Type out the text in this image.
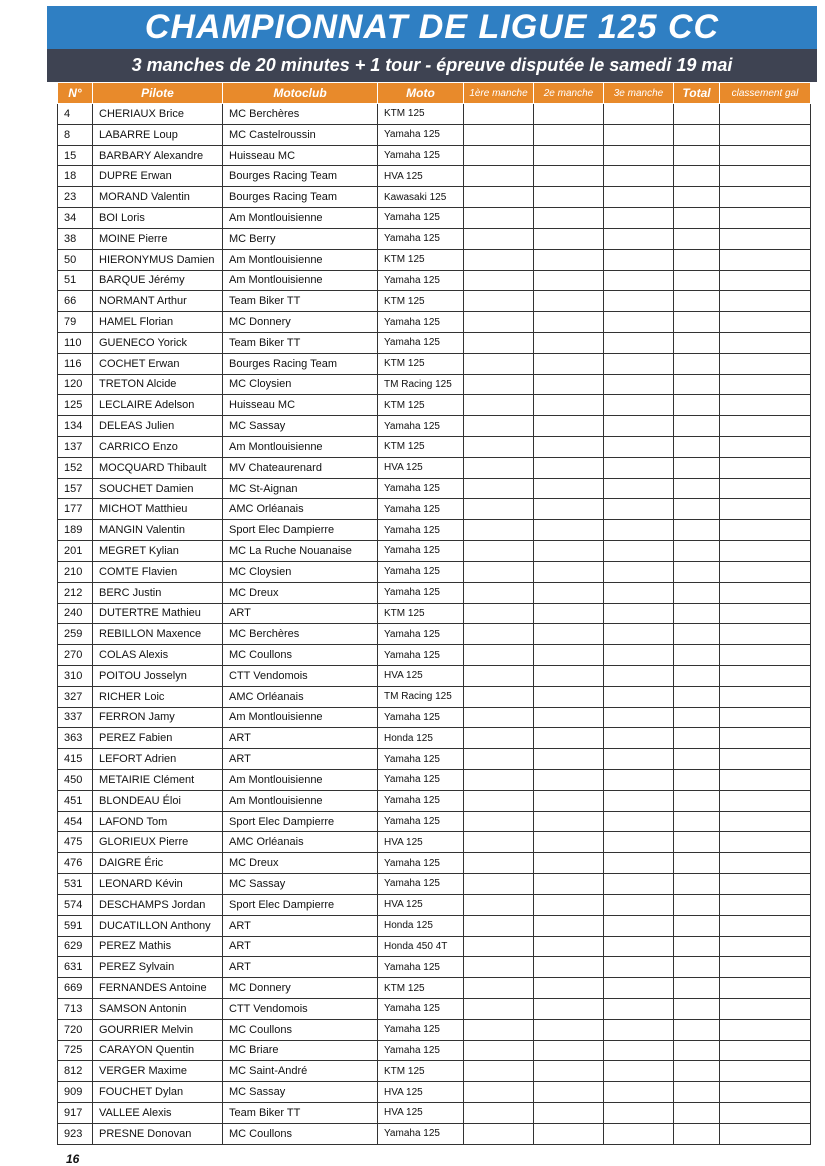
CHAMPIONNAT DE LIGUE 125 CC
3 manches de 20 minutes + 1 tour - épreuve disputée le samedi 19 mai
N°	Pilote	Motoclub	Moto	1ère manche	2e manche	3e manche	Total	classement gal
4	CHERIAUX Brice	MC Berchères	KTM 125					
8	LABARRE Loup	MC Castelroussin	Yamaha 125					
15	BARBARY Alexandre	Huisseau MC	Yamaha 125					
18	DUPRE Erwan	Bourges Racing Team	HVA 125					
23	MORAND Valentin	Bourges Racing Team	Kawasaki 125					
34	BOI Loris	Am Montlouisienne	Yamaha 125					
38	MOINE Pierre	MC Berry	Yamaha 125					
50	HIERONYMUS Damien	Am Montlouisienne	KTM 125					
51	BARQUE Jérémy	Am Montlouisienne	Yamaha 125					
66	NORMANT Arthur	Team Biker TT	KTM 125					
79	HAMEL Florian	MC Donnery	Yamaha 125					
110	GUENECO Yorick	Team Biker TT	Yamaha 125					
116	COCHET Erwan	Bourges Racing Team	KTM 125					
120	TRETON Alcide	MC Cloysien	TM Racing 125					
125	LECLAIRE Adelson	Huisseau MC	KTM 125					
134	DELEAS Julien	MC Sassay	Yamaha 125					
137	CARRICO Enzo	Am Montlouisienne	KTM 125					
152	MOCQUARD Thibault	MV Chateaurenard	HVA 125					
157	SOUCHET Damien	MC St-Aignan	Yamaha 125					
177	MICHOT Matthieu	AMC Orléanais	Yamaha 125					
189	MANGIN Valentin	Sport Elec Dampierre	Yamaha 125					
201	MEGRET Kylian	MC La Ruche Nouanaise	Yamaha 125					
210	COMTE Flavien	MC Cloysien	Yamaha 125					
212	BERC Justin	MC Dreux	Yamaha 125					
240	DUTERTRE Mathieu	ART	KTM 125					
259	REBILLON Maxence	MC Berchères	Yamaha 125					
270	COLAS Alexis	MC Coullons	Yamaha 125					
310	POITOU Josselyn	CTT Vendomois	HVA 125					
327	RICHER Loic	AMC Orléanais	TM Racing 125					
337	FERRON Jamy	Am Montlouisienne	Yamaha 125					
363	PEREZ Fabien	ART	Honda 125					
415	LEFORT Adrien	ART	Yamaha 125					
450	METAIRIE Clément	Am Montlouisienne	Yamaha 125					
451	BLONDEAU Éloi	Am Montlouisienne	Yamaha 125					
454	LAFOND Tom	Sport Elec Dampierre	Yamaha 125					
475	GLORIEUX Pierre	AMC Orléanais	HVA 125					
476	DAIGRE Éric	MC Dreux	Yamaha 125					
531	LEONARD Kévin	MC Sassay	Yamaha 125					
574	DESCHAMPS Jordan	Sport Elec Dampierre	HVA 125					
591	DUCATILLON Anthony	ART	Honda 125					
629	PEREZ Mathis	ART	Honda 450 4T					
631	PEREZ Sylvain	ART	Yamaha 125					
669	FERNANDES Antoine	MC Donnery	KTM 125					
713	SAMSON Antonin	CTT Vendomois	Yamaha 125					
720	GOURRIER Melvin	MC Coullons	Yamaha 125					
725	CARAYON Quentin	MC Briare	Yamaha 125					
812	VERGER Maxime	MC Saint-André	KTM 125					
909	FOUCHET Dylan	MC Sassay	HVA 125					
917	VALLEE Alexis	Team Biker TT	HVA 125					
923	PRESNE Donovan	MC Coullons	Yamaha 125					
16
